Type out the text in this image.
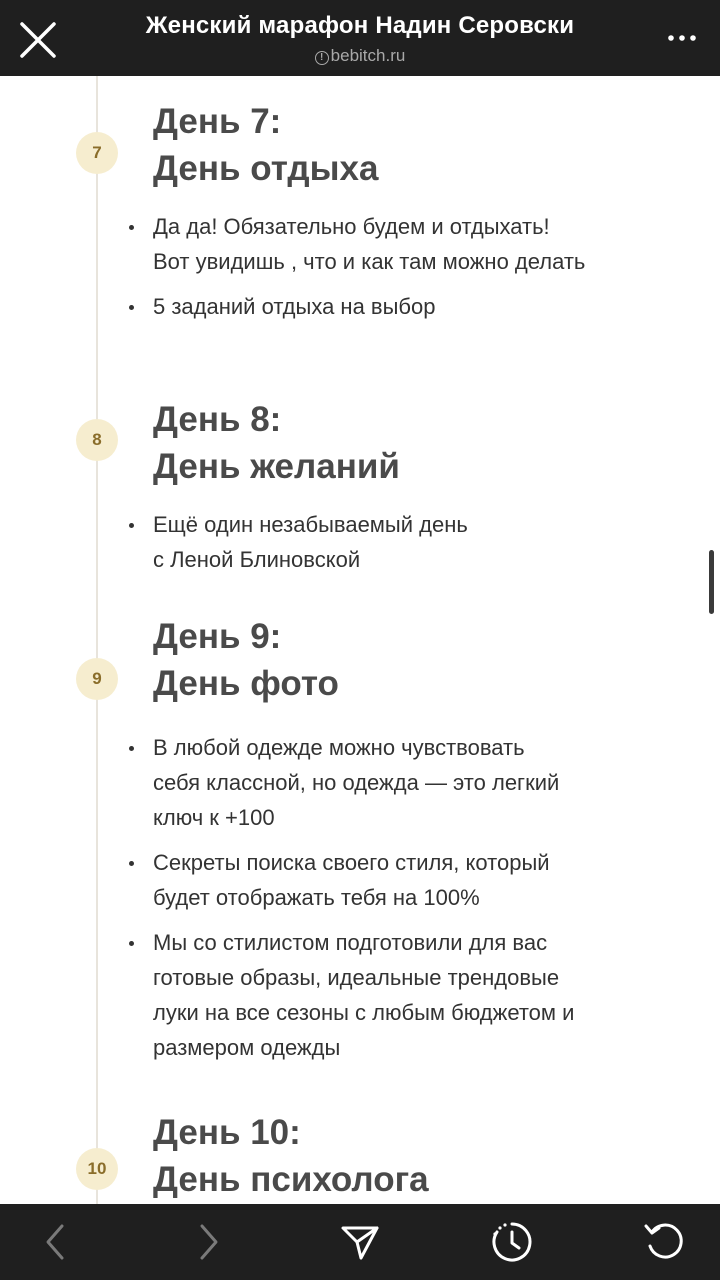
Женский марафон Надин Серовски
! bebitch.ru
7
День 7:
День отдыха
Да да! Обязательно будем и отдыхать!
Вот увидишь , что и как там можно делать
5 заданий отдыха на выбор
8
День 8:
День желаний
Ещё один незабываемый день
с Леной Блиновской
9
День 9:
День фото
В любой одежде можно чувствовать
себя классной, но одежда — это легкий
ключ к +100
Секреты поиска своего стиля, который
будет отображать тебя на 100%
Мы со стилистом подготовили для вас
готовые образы, идеальные трендовые
луки на все сезоны с любым бюджетом и
размером одежды
10
День 10:
День психолога
